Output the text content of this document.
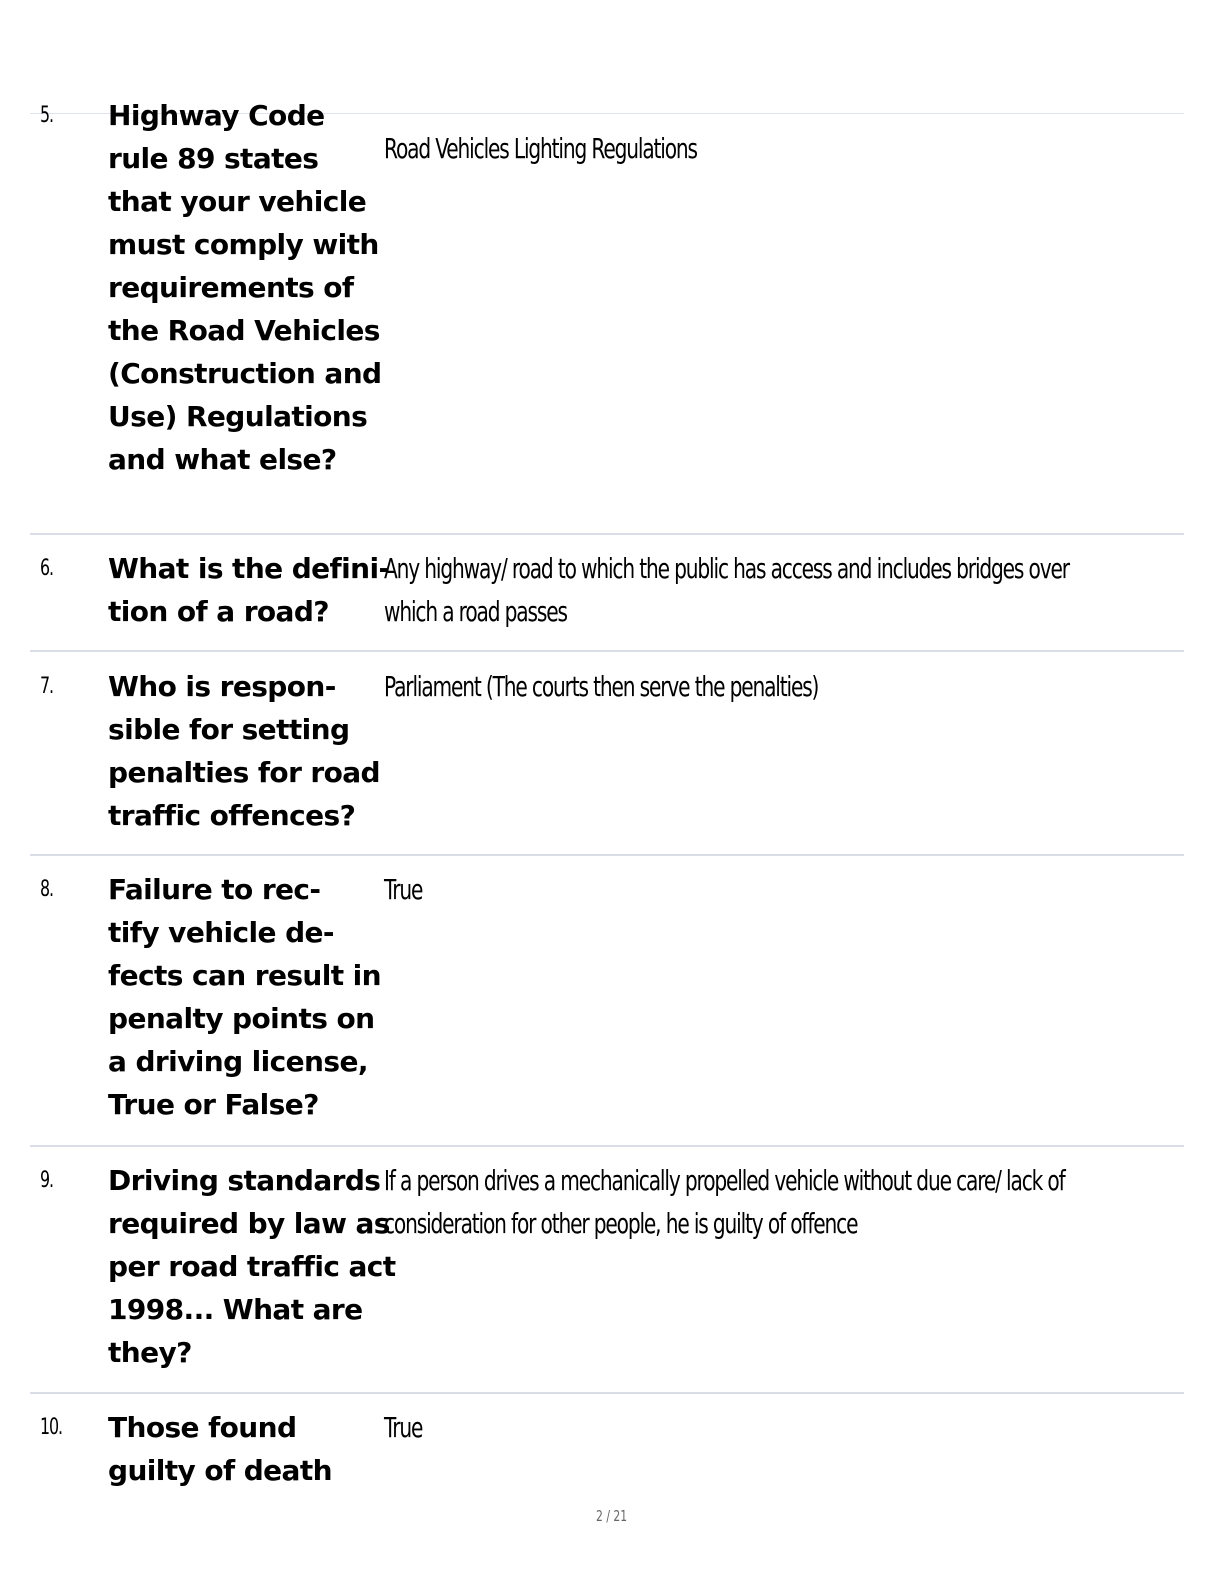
5. Highway Code
rule 89 states
that your vehicle
must comply with
requirements of
the Road Vehicles
(Construction and
Use) Regulations
and what else?
Road Vehicles Lighting Regulations
6. What is the defini-
tion of a road?
Any highway/ road to which the public has access and includes bridges over
which a road passes
7. Who is respon-
sible for setting
penalties for road
traffic offences?
Parliament (The courts then serve the penalties)
8. Failure to rec-
tify vehicle de-
fects can result in
penalty points on
a driving license,
True or False?
True
9. Driving standards
required by law as
per road traffic act
1998... What are
they?
If a person drives a mechanically propelled vehicle without due care/ lack of
consideration for other people, he is guilty of offence
10. Those found
guilty of death
True
2 / 21
